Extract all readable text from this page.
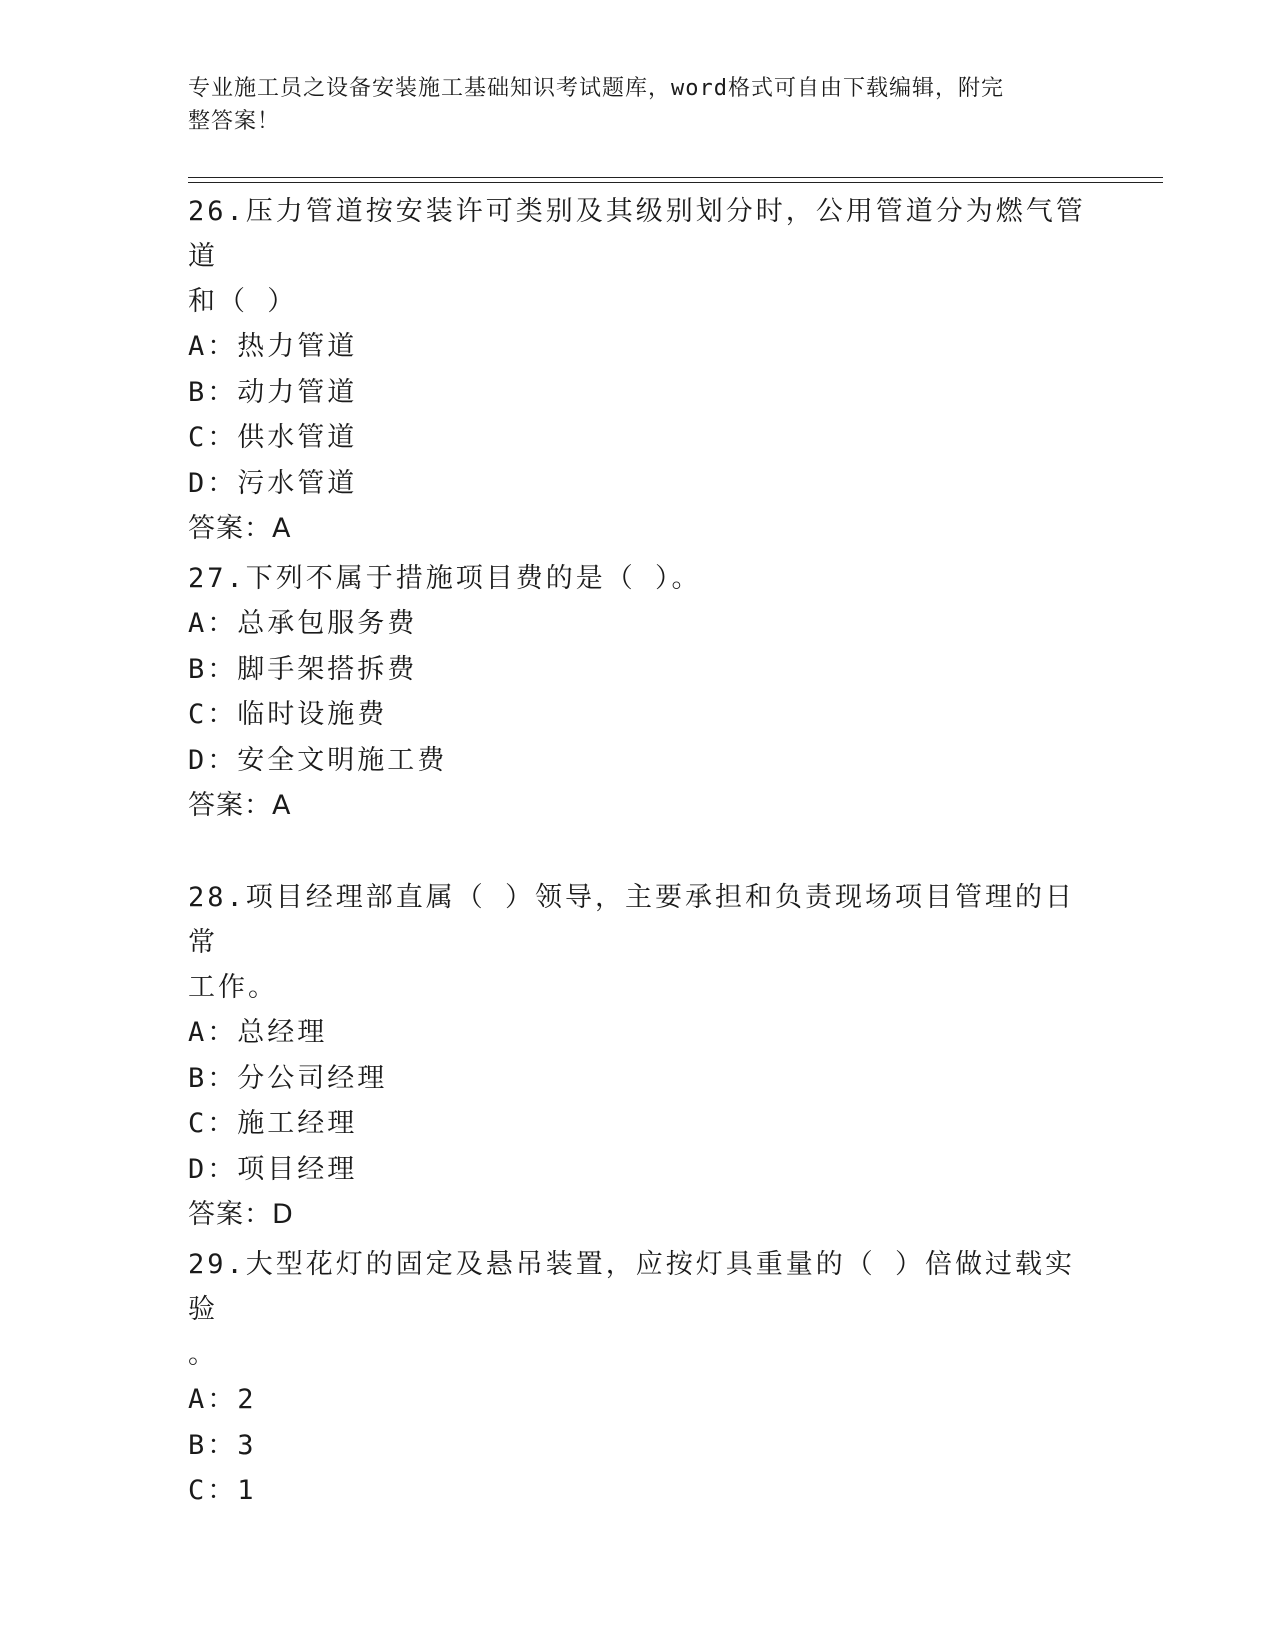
专业施工员之设备安装施工基础知识考试题库，word格式可自由下载编辑，附完
整答案！
26.压力管道按安装许可类别及其级别划分时，公用管道分为燃气管道
和（ ）
A：热力管道
B：动力管道
C：供水管道
D：污水管道
答案：A
27.下列不属于措施项目费的是（ ）。
A：总承包服务费
B：脚手架搭拆费
C：临时设施费
D：安全文明施工费
答案：A
28.项目经理部直属（ ）领导，主要承担和负责现场项目管理的日常
工作。
A：总经理
B：分公司经理
C：施工经理
D：项目经理
答案：D
29.大型花灯的固定及悬吊装置，应按灯具重量的（ ）倍做过载实验
。
A：2
B：3
C：1
